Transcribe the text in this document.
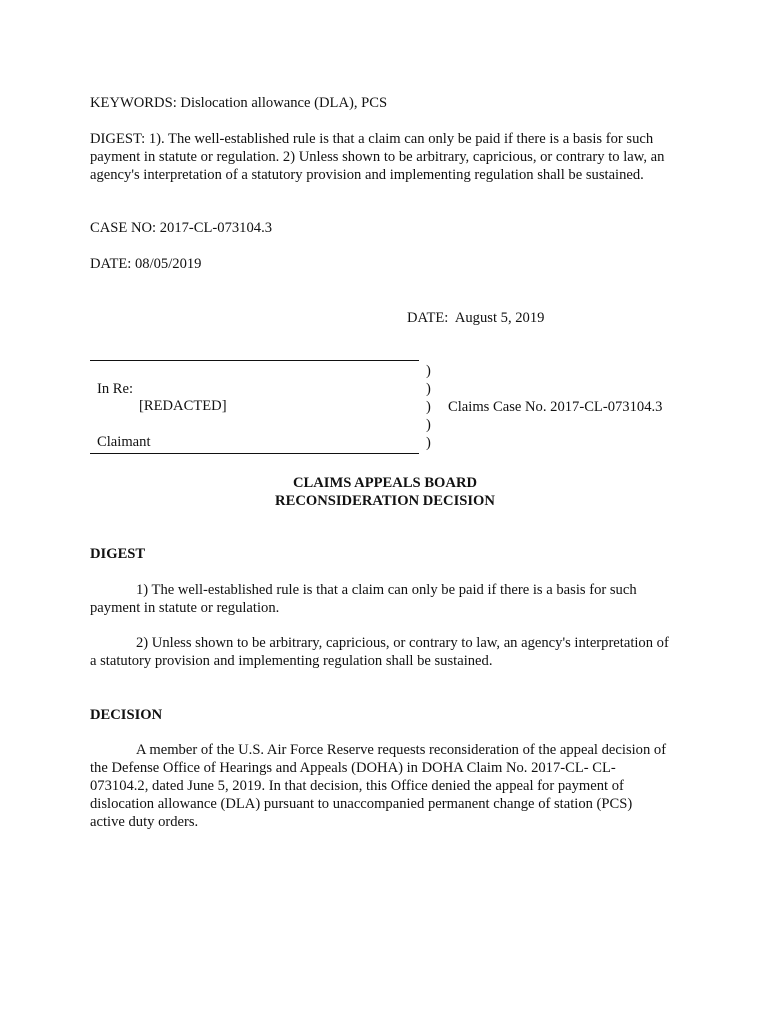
KEYWORDS: Dislocation allowance (DLA), PCS

DIGEST: 1). The well-established rule is that a claim can only be paid if there is a basis for such payment in statute or regulation. 2) Unless shown to be arbitrary, capricious, or contrary to law, an agency's interpretation of a statutory provision and implementing regulation shall be sustained.

CASE NO: 2017-CL-073104.3

DATE: 08/05/2019

DATE:  August 5, 2019
In Re:
[REDACTED]
Claimant
)
)
)
)
)
Claims Case No. 2017-CL-073104.3
CLAIMS APPEALS BOARD
RECONSIDERATION DECISION
DIGEST

1) The well-established rule is that a claim can only be paid if there is a basis for such payment in statute or regulation.

2) Unless shown to be arbitrary, capricious, or contrary to law, an agency's interpretation of a statutory provision and implementing regulation shall be sustained.

DECISION

A member of the U.S. Air Force Reserve requests reconsideration of the appeal decision of the Defense Office of Hearings and Appeals (DOHA) in DOHA Claim No. 2017-CL- CL-073104.2, dated June 5, 2019. In that decision, this Office denied the appeal for payment of dislocation allowance (DLA) pursuant to unaccompanied permanent change of station (PCS) active duty orders.
